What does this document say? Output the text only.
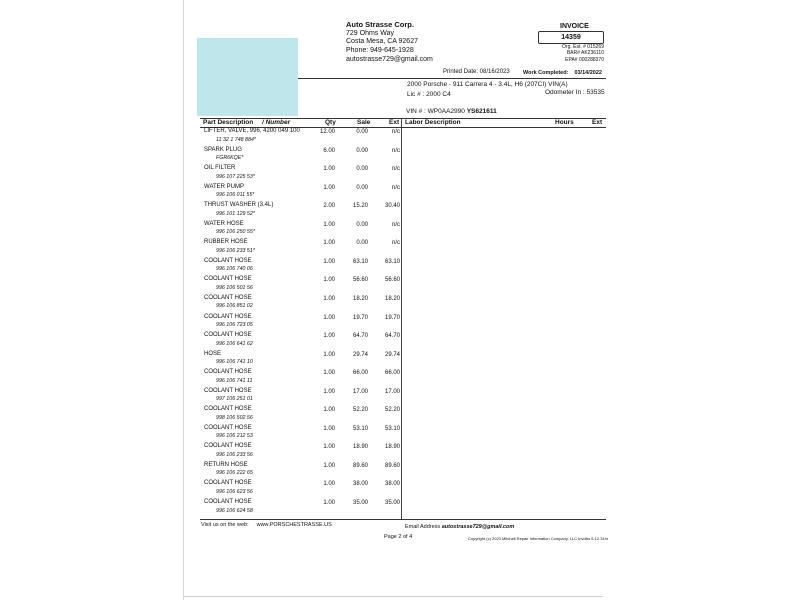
Auto Strasse Corp.
729 Ohms Way
Costa Mesa, CA 92627
Phone: 949-645-1928
autostrasse729@gmail.com
INVOICE
14359
Org. Est. # 015269
BAR# AK236110
EPA# 000288370
Printed Date: 08/16/2023 Work Completed: 03/14/2022
2000 Porsche - 911 Carrera 4 - 3.4L, H6 (207CI) VIN(A)
Lic # : 2000 C4	Odometer In : 53535
VIN # : WP0AA2990 YS621611
Part Description / Number	Qty	Sale	Ext Labor Description	Hours	Ext
LIFTER, VALVE, 996, 4200 049 100
11 32 1 748 884*
12.00	0.00	n/c
SPARK PLUG
FGR6KQE*
6.00	0.00	n/c
OIL FILTER
996 107 225 53*
1.00	0.00	n/c
WATER PUMP
996 106 011 55*
1.00	0.00	n/c
THRUST WASHER (3.4L)
996 101 129 52*
2.00	15.20	30.40
WATER HOSE
996 106 250 55*
1.00	0.00	n/c
RUBBER HOSE
996 106 233 51*
1.00	0.00	n/c
COOLANT HOSE
996 106 740 06
1.00	63.10	63.10
COOLANT HOSE
996 106 501 56
1.00	56.60	56.60
COOLANT HOSE
996 106 851 02
1.00	18.20	18.20
COOLANT HOSE
996 106 723 05
1.00	19.70	19.70
COOLANT HOSE
996 106 641 62
1.00	64.70	64.70
HOSE
996 106 741 10
1.00	29.74	29.74
COOLANT HOSE
996 106 741 11
1.00	66.00	66.00
COOLANT HOSE
997 106 251 01
1.00	17.00	17.00
COOLANT HOSE
998 106 502 56
1.00	52.20	52.20
COOLANT HOSE
996 106 212 53
1.00	53.10	53.10
COOLANT HOSE
996 106 233 56
1.00	18.90	18.90
RETURN HOSE
996 106 222 65
1.00	89.60	89.60
COOLANT HOSE
996 106 623 56
1.00	38.00	38.00
COOLANT HOSE
996 106 624 58
1.00	35.00	35.00
Visit us on the web: www.PORSCHESTRASSE.US	Email Address autostrasse729@gmail.com
Page 2 of 4	Copyright (c) 2023 Mitchell Repair Information Company, LLC Invdtrs 5.12.31hr
